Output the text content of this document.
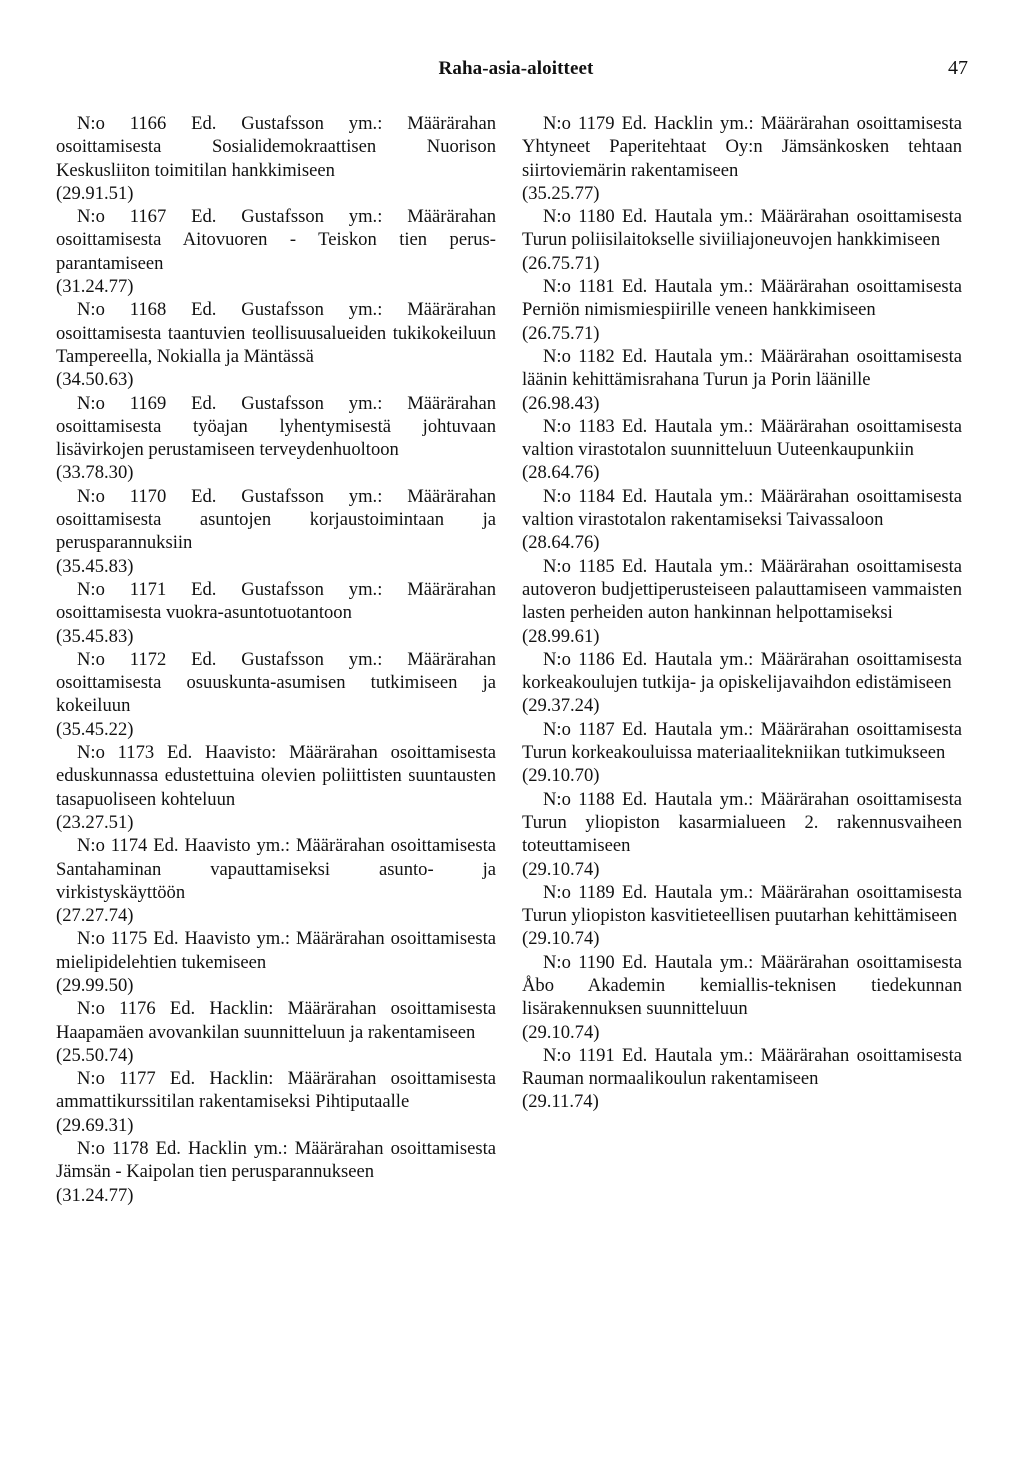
Raha-asia-aloitteet	47

N:o 1166 Ed. Gustafsson ym.: Määrärahan osoittamisesta Sosialidemokraattisen Nuorison Keskusliiton toimitilan hankkimiseen

(29.91.51)

N:o 1167 Ed. Gustafsson ym.: Määrärahan osoittamisesta Aitovuoren - Teiskon tien perusparantamiseen

(31.24.77)

N:o 1168 Ed. Gustafsson ym.: Määrärahan osoittamisesta taantuvien teollisuusalueiden tukikokeiluun Tampereella, Nokialla ja Mäntässä

(34.50.63)

N:o 1169 Ed. Gustafsson ym.: Määrärahan osoittamisesta työajan lyhentymisestä johtuvaan lisävirkojen perustamiseen terveydenhuoltoon

(33.78.30)

N:o 1170 Ed. Gustafsson ym.: Määrärahan osoittamisesta asuntojen korjaustoimintaan ja perusparannuksiin

(35.45.83)

N:o 1171 Ed. Gustafsson ym.: Määrärahan osoittamisesta vuokra-asuntotuotantoon

(35.45.83)

N:o 1172 Ed. Gustafsson ym.: Määrärahan osoittamisesta osuuskunta-asumisen tutkimiseen ja kokeiluun

(35.45.22)

N:o 1173 Ed. Haavisto: Määrärahan osoittamisesta eduskunnassa edustettuina olevien poliittisten suuntausten tasapuoliseen kohteluun

(23.27.51)

N:o 1174 Ed. Haavisto ym.: Määrärahan osoittamisesta Santahaminan vapauttamiseksi asunto- ja virkistyskäyttöön

(27.27.74)

N:o 1175 Ed. Haavisto ym.: Määrärahan osoittamisesta mielipidelehtien tukemiseen

(29.99.50)

N:o 1176 Ed. Hacklin: Määrärahan osoittamisesta Haapamäen avovankilan suunnitteluun ja rakentamiseen

(25.50.74)

N:o 1177 Ed. Hacklin: Määrärahan osoittamisesta ammattikurssitilan rakentamiseksi Pihtiputaalle

(29.69.31)

N:o 1178 Ed. Hacklin ym.: Määrärahan osoittamisesta Jämsän - Kaipolan tien perusparannukseen

(31.24.77)

N:o 1179 Ed. Hacklin ym.: Määrärahan osoittamisesta Yhtyneet Paperitehtaat Oy:n Jämsänkosken tehtaan siirtoviemärin rakentamiseen

(35.25.77)

N:o 1180 Ed. Hautala ym.: Määrärahan osoittamisesta Turun poliisilaitokselle siviiliajoneuvojen hankkimiseen

(26.75.71)

N:o 1181 Ed. Hautala ym.: Määrärahan osoittamisesta Perniön nimismiespiirille veneen hankkimiseen

(26.75.71)

N:o 1182 Ed. Hautala ym.: Määrärahan osoittamisesta läänin kehittämisrahana Turun ja Porin läänille

(26.98.43)

N:o 1183 Ed. Hautala ym.: Määrärahan osoittamisesta valtion virastotalon suunnitteluun Uuteenkaupunkiin

(28.64.76)

N:o 1184 Ed. Hautala ym.: Määrärahan osoittamisesta valtion virastotalon rakentamiseksi Taivassaloon

(28.64.76)

N:o 1185 Ed. Hautala ym.: Määrärahan osoittamisesta autoveron budjettiperusteiseen palauttamiseen vammaisten lasten perheiden auton hankinnan helpottamiseksi

(28.99.61)

N:o 1186 Ed. Hautala ym.: Määrärahan osoittamisesta korkeakoulujen tutkija- ja opiskelijavaihdon edistämiseen

(29.37.24)

N:o 1187 Ed. Hautala ym.: Määrärahan osoittamisesta Turun korkeakouluissa materiaalitekniikan tutkimukseen

(29.10.70)

N:o 1188 Ed. Hautala ym.: Määrärahan osoittamisesta Turun yliopiston kasarmialueen 2. rakennusvaiheen toteuttamiseen

(29.10.74)

N:o 1189 Ed. Hautala ym.: Määrärahan osoittamisesta Turun yliopiston kasvitieteellisen puutarhan kehittämiseen

(29.10.74)

N:o 1190 Ed. Hautala ym.: Määrärahan osoittamisesta Åbo Akademin kemiallis-teknisen tiedekunnan lisärakennuksen suunnitteluun

(29.10.74)

N:o 1191 Ed. Hautala ym.: Määrärahan osoittamisesta Rauman normaalikoulun rakentamiseen

(29.11.74)
